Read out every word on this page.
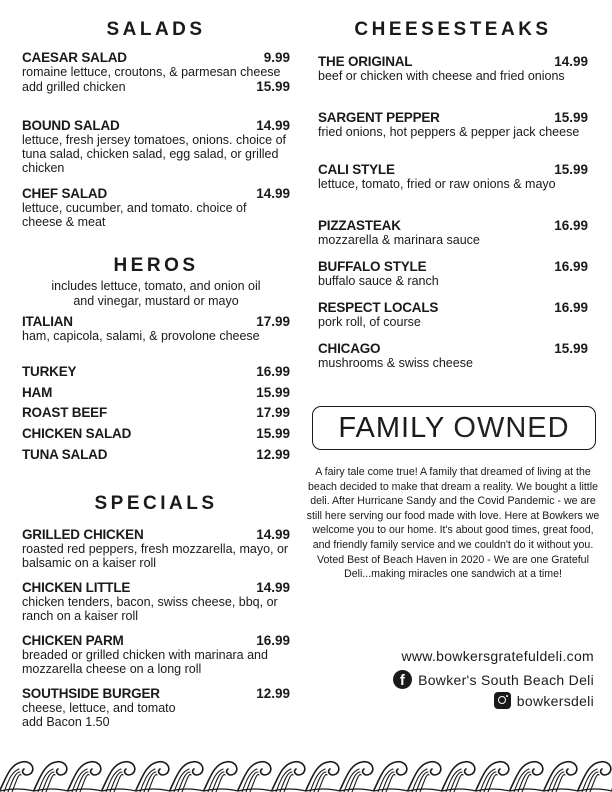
SALADS
CAESAR SALAD	9.99
romaine lettuce, croutons, & parmesan cheese
add grilled chicken	15.99
BOUND SALAD	14.99
lettuce, fresh jersey tomatoes, onions. choice of tuna salad, chicken salad, egg salad, or grilled chicken
CHEF SALAD	14.99
lettuce, cucumber, and tomato. choice of cheese & meat
HEROS
includes lettuce, tomato, and onion oil and vinegar, mustard or mayo
ITALIAN	17.99
ham, capicola, salami, & provolone cheese
TURKEY	16.99
HAM	15.99
ROAST BEEF	17.99
CHICKEN SALAD	15.99
TUNA SALAD	12.99
SPECIALS
GRILLED CHICKEN	14.99
roasted red peppers, fresh mozzarella, mayo, or balsamic on a kaiser roll
CHICKEN LITTLE	14.99
chicken tenders, bacon, swiss cheese, bbq, or ranch on a kaiser roll
CHICKEN PARM	16.99
breaded or grilled chicken with marinara and mozzarella cheese on a long roll
SOUTHSIDE BURGER	12.99
cheese, lettuce, and tomato
add Bacon 1.50
CHEESESTEAKS
THE ORIGINAL	14.99
beef or chicken with cheese and fried onions
SARGENT PEPPER	15.99
fried onions, hot peppers & pepper jack cheese
CALI STYLE	15.99
lettuce, tomato, fried or raw onions & mayo
PIZZASTEAK	16.99
mozzarella & marinara sauce
BUFFALO STYLE	16.99
buffalo sauce & ranch
RESPECT LOCALS	16.99
pork roll, of course
CHICAGO	15.99
mushrooms & swiss cheese
FAMILY OWNED
A fairy tale come true! A family that dreamed of living at the beach decided to make that dream a reality. We bought a little deli. After Hurricane Sandy and the Covid Pandemic - we are still here serving our food made with love. Here at Bowkers we welcome you to our home. It's about good times, great food, and friendly family service and we couldn't do it without you. Voted Best of Beach Haven in 2020 - We are one Grateful Deli...making miracles one sandwich at a time!
www.bowkersgratefuldeli.com
f Bowker's South Beach Deli
bowkersdeli
